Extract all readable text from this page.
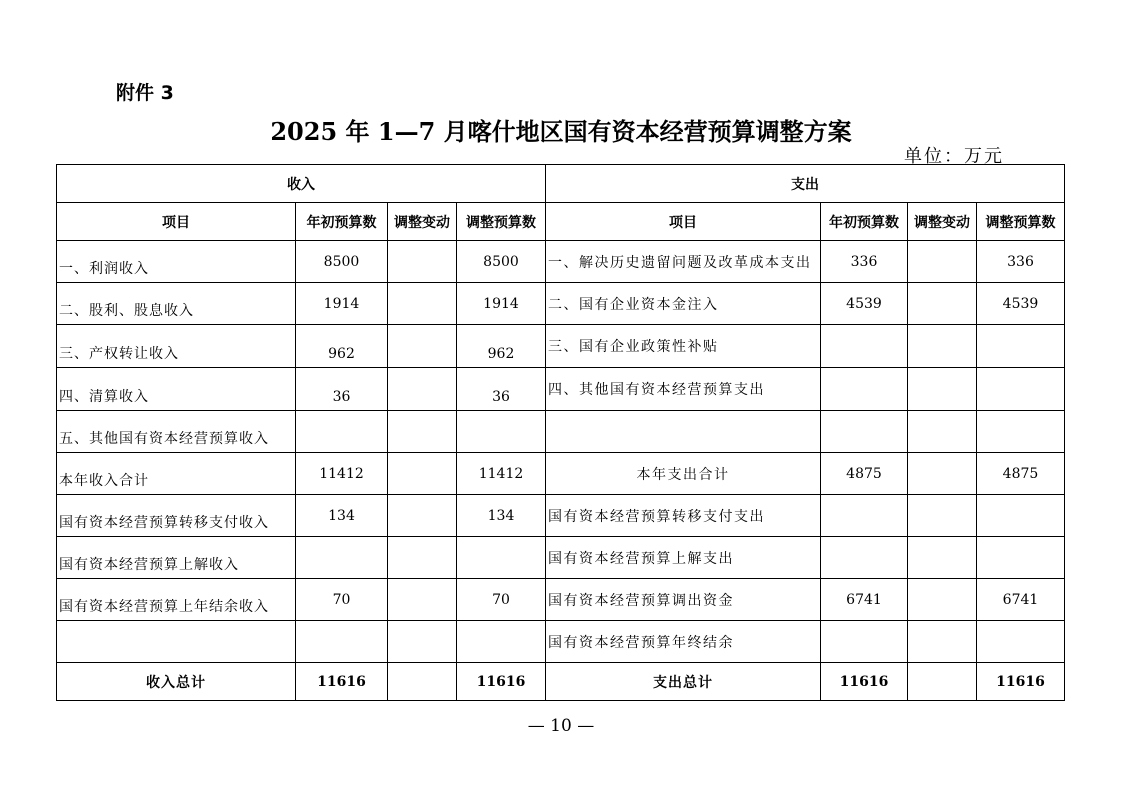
附件 3
2025 年 1—7 月喀什地区国有资本经营预算调整方案
单位：万元
收入				支出			
项目	年初预算数	调整变动	调整预算数	项目	年初预算数	调整变动	调整预算数
一、利润收入	8500		8500	一、解决历史遗留问题及改革成本支出	336		336
二、股利、股息收入	1914		1914	二、国有企业资本金注入	4539		4539
三、产权转让收入	962		962	三、国有企业政策性补贴			
四、清算收入	36		36	四、其他国有资本经营预算支出			
五、其他国有资本经营预算收入							
本年收入合计	11412		11412	本年支出合计	4875		4875
国有资本经营预算转移支付收入	134		134	国有资本经营预算转移支付支出			
国有资本经营预算上解收入				国有资本经营预算上解支出			
国有资本经营预算上年结余收入	70		70	国有资本经营预算调出资金	6741		6741
				国有资本经营预算年终结余			
收入总计	11616		11616	支出总计	11616		11616
— 10 —
